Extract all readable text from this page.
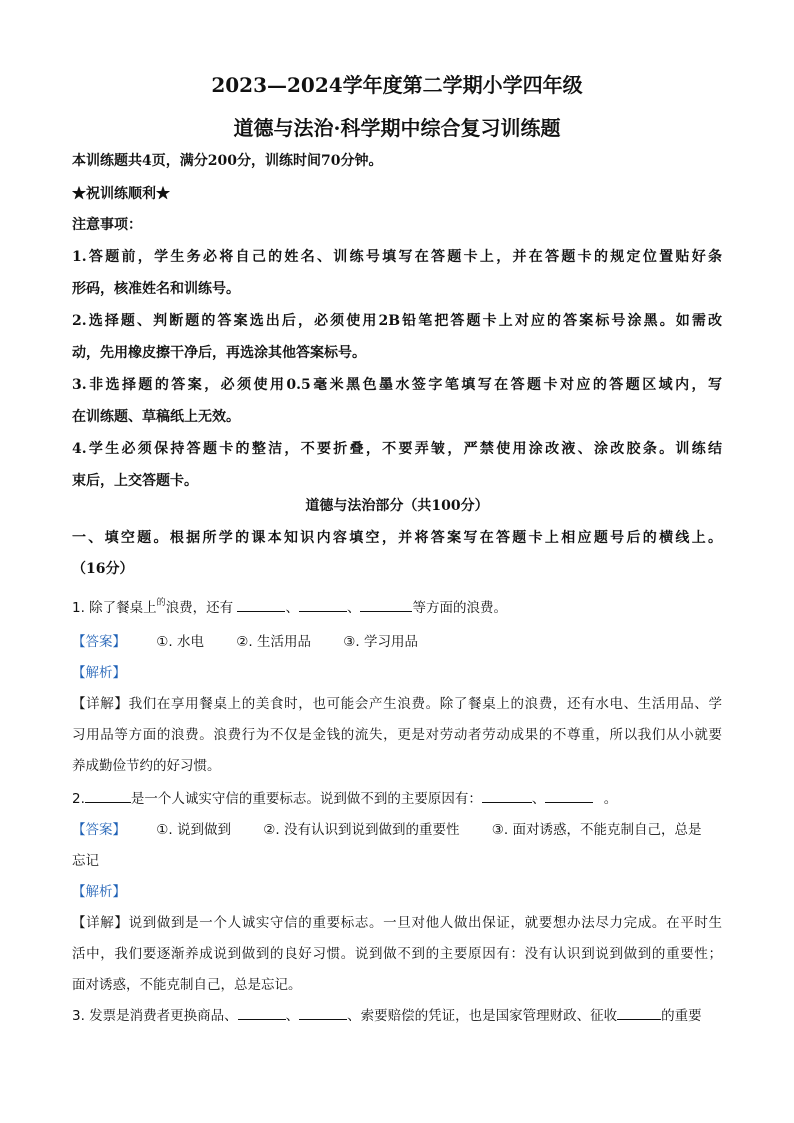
2023—2024学年度第二学期小学四年级
道德与法治·科学期中综合复习训练题
本训练题共4页，满分200分，训练时间70分钟。
★祝训练顺利★
注意事项：
1.答题前，学生务必将自己的姓名、训练号填写在答题卡上，并在答题卡的规定位置贴好条
形码，核准姓名和训练号。
2.选择题、判断题的答案选出后，必须使用2B铅笔把答题卡上对应的答案标号涂黑。如需改
动，先用橡皮擦干净后，再选涂其他答案标号。
3.非选择题的答案，必须使用0.5毫米黑色墨水签字笔填写在答题卡对应的答题区域内，写
在训练题、草稿纸上无效。
4.学生必须保持答题卡的整洁，不要折叠，不要弄皱，严禁使用涂改液、涂改胶条。训练结
束后，上交答题卡。
道德与法治部分（共100分）
一、填空题。根据所学的课本知识内容填空，并将答案写在答题卡上相应题号后的横线上。
（16分）
1. 除了餐桌上$^的$浪费，还有	、	、	等方面的浪费。
【答案】 ①. 水电 ②. 生活用品 ③. 学习用品
【解析】
【详解】我们在享用餐桌上的美食时，也可能会产生浪费。除了餐桌上的浪费，还有水电、生活用品、学
习用品等方面的浪费。浪费行为不仅是金钱的流失，更是对劳动者劳动成果的不尊重，所以我们从小就要
养成勤俭节约的好习惯。
2.	是一个人诚实守信的重要标志。说到做不到的主要原因有：	、	。
【答案】 ①. 说到做到 ②. 没有认识到说到做到的重要性 ③. 面对诱惑，不能克制自己，总是
忘记
【解析】
【详解】说到做到是一个人诚实守信的重要标志。一旦对他人做出保证，就要想办法尽力完成。在平时生
活中，我们要逐渐养成说到做到的良好习惯。说到做不到的主要原因有：没有认识到说到做到的重要性；
面对诱惑，不能克制自己，总是忘记。
3. 发票是消费者更换商品、	、	、索要赔偿的凭证，也是国家管理财政、征收	的重要
